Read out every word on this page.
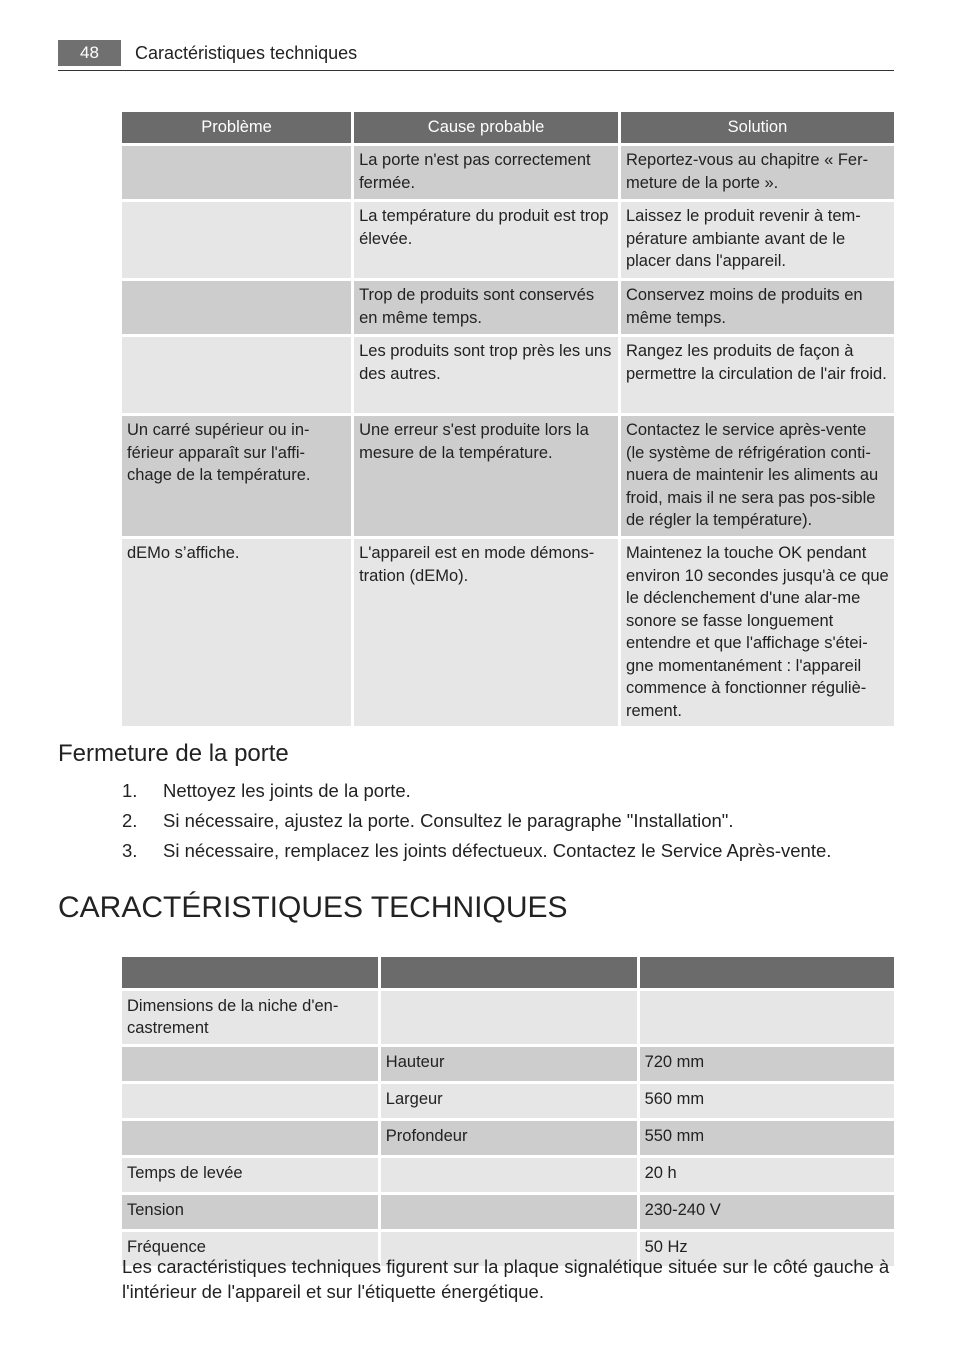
48	Caractéristiques techniques
Problème	Cause probable	Solution
	La porte n'est pas correctement fermée.	Reportez-vous au chapitre « Fer-meture de la porte ».
	La température du produit est trop élevée.	Laissez le produit revenir à tem-pérature ambiante avant de le placer dans l'appareil.
	Trop de produits sont conservés en même temps.	Conservez moins de produits en même temps.
	Les produits sont trop près les uns des autres.	Rangez les produits de façon à permettre la circulation de l'air froid.
Un carré supérieur ou in-férieur apparaît sur l'affi-chage de la température.	Une erreur s'est produite lors la mesure de la température.	Contactez le service après-vente (le système de réfrigération conti-nuera de maintenir les aliments au froid, mais il ne sera pas pos-sible de régler la température).
dEMo s’affiche.	L'appareil est en mode démons-tration (dEMo).	Maintenez la touche OK pendant environ 10 secondes jusqu'à ce que le déclenchement d'une alar-me sonore se fasse longuement entendre et que l'affichage s'étei-gne momentanément : l'appareil commence à fonctionner réguliè-rement.
Fermeture de la porte
1. Nettoyez les joints de la porte.
2. Si nécessaire, ajustez la porte. Consultez le paragraphe "Installation".
3. Si nécessaire, remplacez les joints défectueux. Contactez le Service Après-vente.
CARACTÉRISTIQUES TECHNIQUES

Dimensions de la niche d'en-castrement		
	Hauteur	720 mm
	Largeur	560 mm
	Profondeur	550 mm
Temps de levée		20 h
Tension		230-240 V
Fréquence		50 Hz
Les caractéristiques techniques figurent sur la plaque signalétique située sur le côté gauche à l'intérieur de l'appareil et sur l'étiquette énergétique.
